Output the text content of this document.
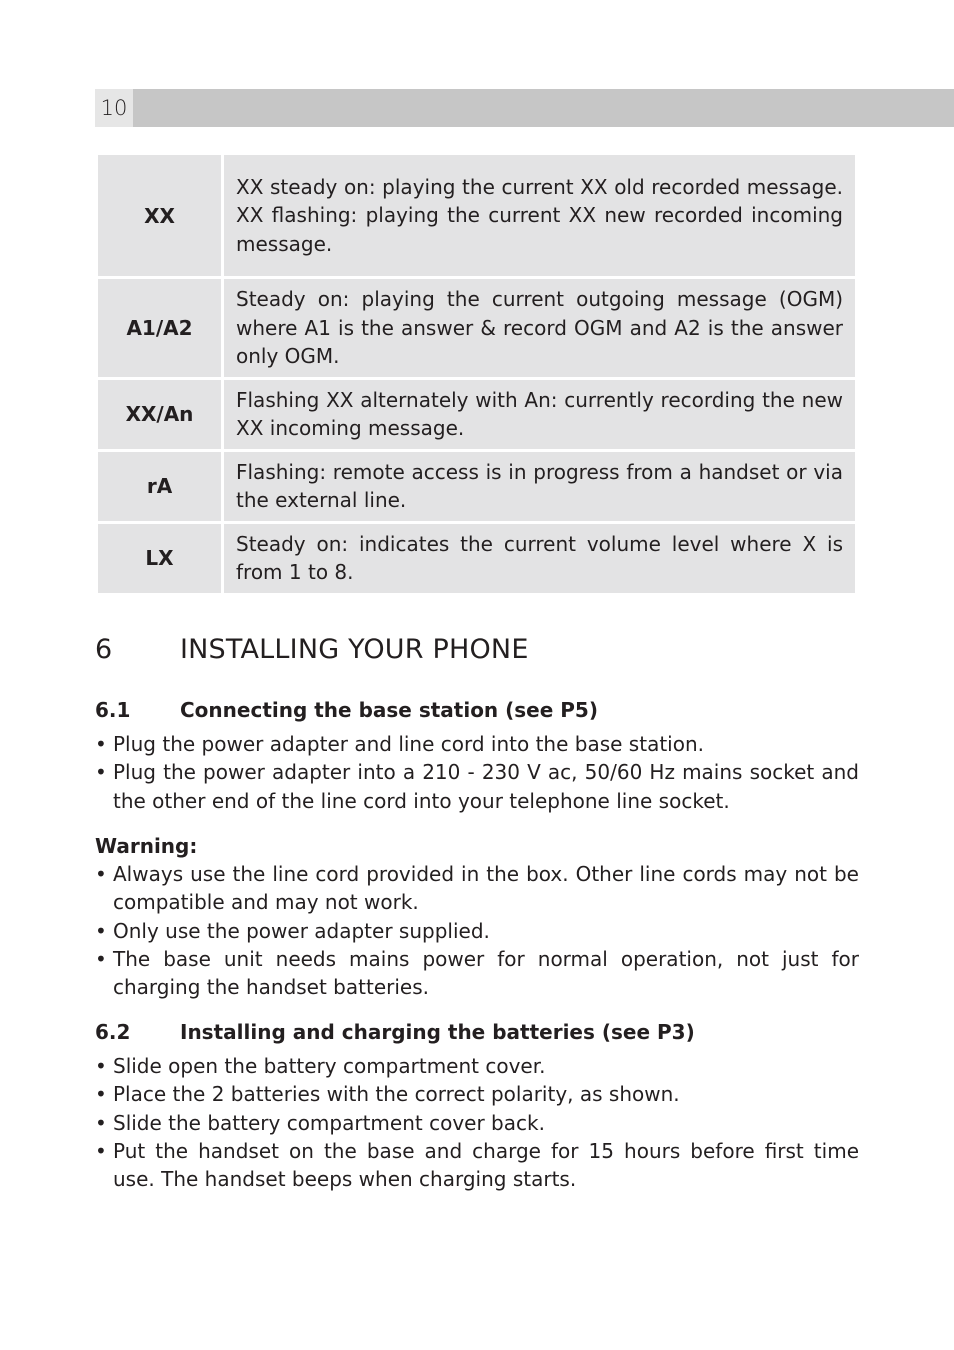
10
XX	XX steady on: playing the current XX old recorded message. XX flashing: playing the current XX new recorded incoming message.
A1/A2	Steady on: playing the current outgoing message (OGM) where A1 is the answer & record OGM and A2 is the answer only OGM.
XX/An	Flashing XX alternately with An: currently recording the new XX incoming message.
rA	Flashing: remote access is in progress from a handset or via the external line.
LX	Steady on: indicates the current volume level where X is from 1 to 8.
6	INSTALLING YOUR PHONE

6.1 Connecting the base station (see P5)

• Plug the power adapter and line cord into the base station.
• Plug the power adapter into a 210 - 230 V ac, 50/60 Hz mains socket and the other end of the line cord into your telephone line socket.

Warning:

• Always use the line cord provided in the box. Other line cords may not be compatible and may not work.
• Only use the power adapter supplied.
• The base unit needs mains power for normal operation, not just for charging the handset batteries.

6.2 Installing and charging the batteries (see P3)

• Slide open the battery compartment cover.
• Place the 2 batteries with the correct polarity, as shown.
• Slide the battery compartment cover back.
• Put the handset on the base and charge for 15 hours before first time use. The handset beeps when charging starts.
